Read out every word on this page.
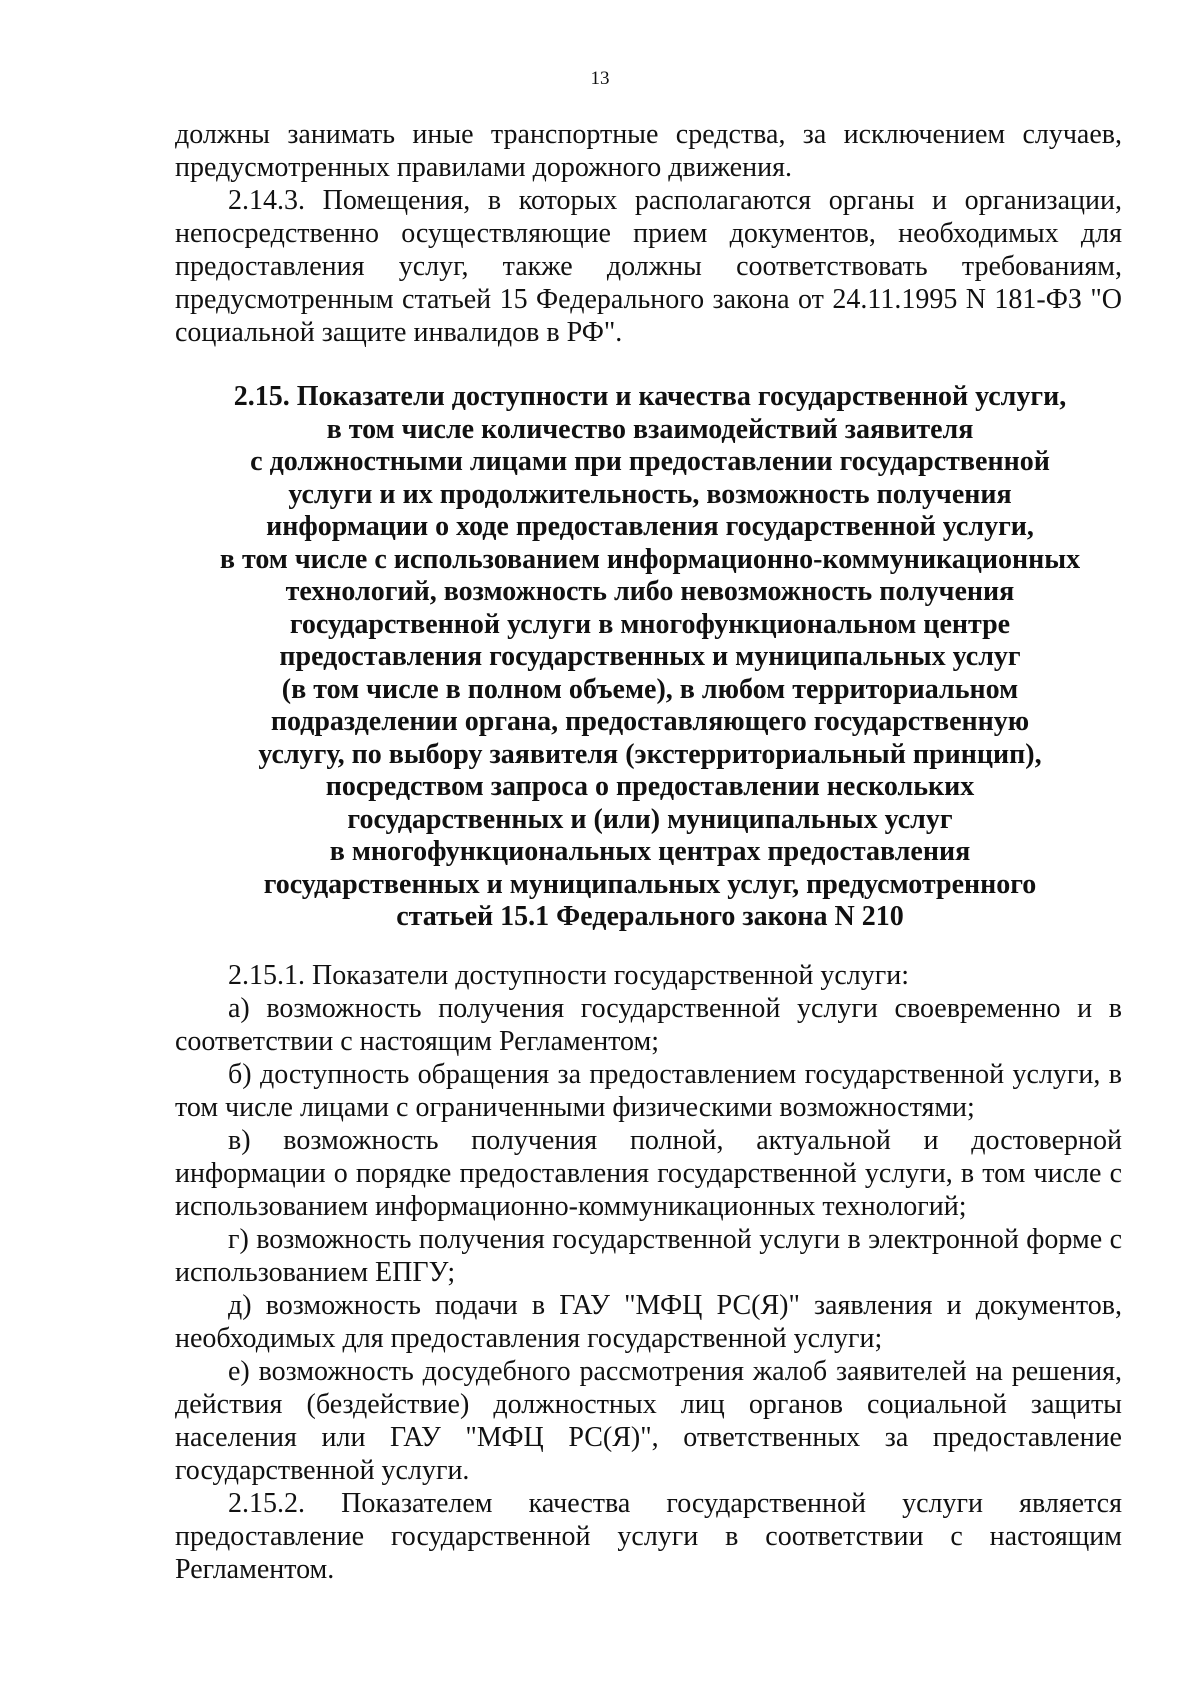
13

должны занимать иные транспортные средства, за исключением случаев, предусмотренных правилами дорожного движения.

2.14.3. Помещения, в которых располагаются органы и организации, непосредственно осуществляющие прием документов, необходимых для предоставления услуг, также должны соответствовать требованиям, предусмотренным статьей 15 Федерального закона от 24.11.1995 N 181-ФЗ "О социальной защите инвалидов в РФ".

2.15. Показатели доступности и качества государственной услуги,
в том числе количество взаимодействий заявителя
с должностными лицами при предоставлении государственной
услуги и их продолжительность, возможность получения
информации о ходе предоставления государственной услуги,
в том числе с использованием информационно-коммуникационных
технологий, возможность либо невозможность получения
государственной услуги в многофункциональном центре
предоставления государственных и муниципальных услуг
(в том числе в полном объеме), в любом территориальном
подразделении органа, предоставляющего государственную
услугу, по выбору заявителя (экстерриториальный принцип),
посредством запроса о предоставлении нескольких
государственных и (или) муниципальных услуг
в многофункциональных центрах предоставления
государственных и муниципальных услуг, предусмотренного
статьей 15.1 Федерального закона N 210

2.15.1. Показатели доступности государственной услуги:

а) возможность получения государственной услуги своевременно и в соответствии с настоящим Регламентом;

б) доступность обращения за предоставлением государственной услуги, в том числе лицами с ограниченными физическими возможностями;

в) возможность получения полной, актуальной и достоверной информации о порядке предоставления государственной услуги, в том числе с использованием информационно-коммуникационных технологий;

г) возможность получения государственной услуги в электронной форме с использованием ЕПГУ;

д) возможность подачи в ГАУ "МФЦ РС(Я)" заявления и документов, необходимых для предоставления государственной услуги;

е) возможность досудебного рассмотрения жалоб заявителей на решения, действия (бездействие) должностных лиц органов социальной защиты населения или ГАУ "МФЦ РС(Я)", ответственных за предоставление государственной услуги.

2.15.2. Показателем качества государственной услуги является предоставление государственной услуги в соответствии с настоящим Регламентом.
